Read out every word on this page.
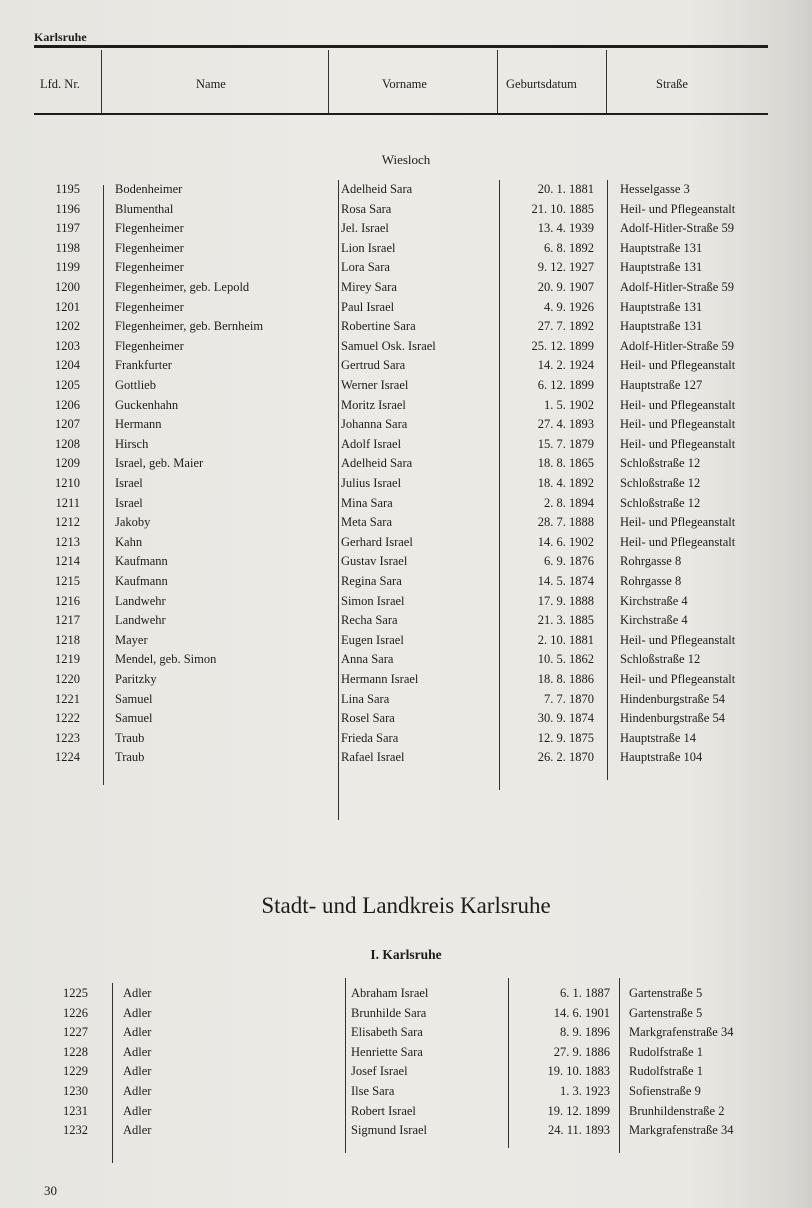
Karlsruhe
Lfd. Nr.	Name	Vorname	Geburtsdatum	Straße
Wiesloch
1195	Bodenheimer	Adelheid Sara	20. 1. 1881 Hesselgasse 3
1196	Blumenthal	Rosa Sara	21. 10. 1885 Heil- und Pflegeanstalt
1197	Flegenheimer	Jel. Israel	13. 4. 1939 Adolf-Hitler-Straße 59
1198	Flegenheimer	Lion Israel	6. 8. 1892 Hauptstraße 131
1199	Flegenheimer	Lora Sara	9. 12. 1927 Hauptstraße 131
1200	Flegenheimer, geb. Lepold	Mirey Sara	20. 9. 1907 Adolf-Hitler-Straße 59
1201	Flegenheimer	Paul Israel	4. 9. 1926 Hauptstraße 131
1202	Flegenheimer, geb. Bernheim	Robertine Sara	27. 7. 1892 Hauptstraße 131
1203	Flegenheimer	Samuel Osk. Israel	25. 12. 1899 Adolf-Hitler-Straße 59
1204	Frankfurter	Gertrud Sara	14. 2. 1924 Heil- und Pflegeanstalt
1205	Gottlieb	Werner Israel	6. 12. 1899 Hauptstraße 127
1206	Guckenhahn	Moritz Israel	1. 5. 1902 Heil- und Pflegeanstalt
1207	Hermann	Johanna Sara	27. 4. 1893 Heil- und Pflegeanstalt
1208	Hirsch	Adolf Israel	15. 7. 1879 Heil- und Pflegeanstalt
1209	Israel, geb. Maier	Adelheid Sara	18. 8. 1865 Schloßstraße 12
1210	Israel	Julius Israel	18. 4. 1892 Schloßstraße 12
1211	Israel	Mina Sara	2. 8. 1894 Schloßstraße 12
1212	Jakoby	Meta Sara	28. 7. 1888 Heil- und Pflegeanstalt
1213	Kahn	Gerhard Israel	14. 6. 1902 Heil- und Pflegeanstalt
1214	Kaufmann	Gustav Israel	6. 9. 1876 Rohrgasse 8
1215	Kaufmann	Regina Sara	14. 5. 1874 Rohrgasse 8
1216	Landwehr	Simon Israel	17. 9. 1888 Kirchstraße 4
1217	Landwehr	Recha Sara	21. 3. 1885 Kirchstraße 4
1218	Mayer	Eugen Israel	2. 10. 1881 Heil- und Pflegeanstalt
1219	Mendel, geb. Simon	Anna Sara	10. 5. 1862 Schloßstraße 12
1220	Paritzky	Hermann Israel	18. 8. 1886 Heil- und Pflegeanstalt
1221	Samuel	Lina Sara	7. 7. 1870 Hindenburgstraße 54
1222	Samuel	Rosel Sara	30. 9. 1874 Hindenburgstraße 54
1223	Traub	Frieda Sara	12. 9. 1875 Hauptstraße 14
1224	Traub	Rafael Israel	26. 2. 1870 Hauptstraße 104
Stadt- und Landkreis Karlsruhe
I. Karlsruhe
1225	Adler	Abraham Israel	6. 1. 1887 Gartenstraße 5
1226	Adler	Brunhilde Sara	14. 6. 1901 Gartenstraße 5
1227	Adler	Elisabeth Sara	8. 9. 1896 Markgrafenstraße 34
1228	Adler	Henriette Sara	27. 9. 1886 Rudolfstraße 1
1229	Adler	Josef Israel	19. 10. 1883 Rudolfstraße 1
1230	Adler	Ilse Sara	1. 3. 1923 Sofienstraße 9
1231	Adler	Robert Israel	19. 12. 1899 Brunhildenstraße 2
1232	Adler	Sigmund Israel	24. 11. 1893 Markgrafenstraße 34
30
